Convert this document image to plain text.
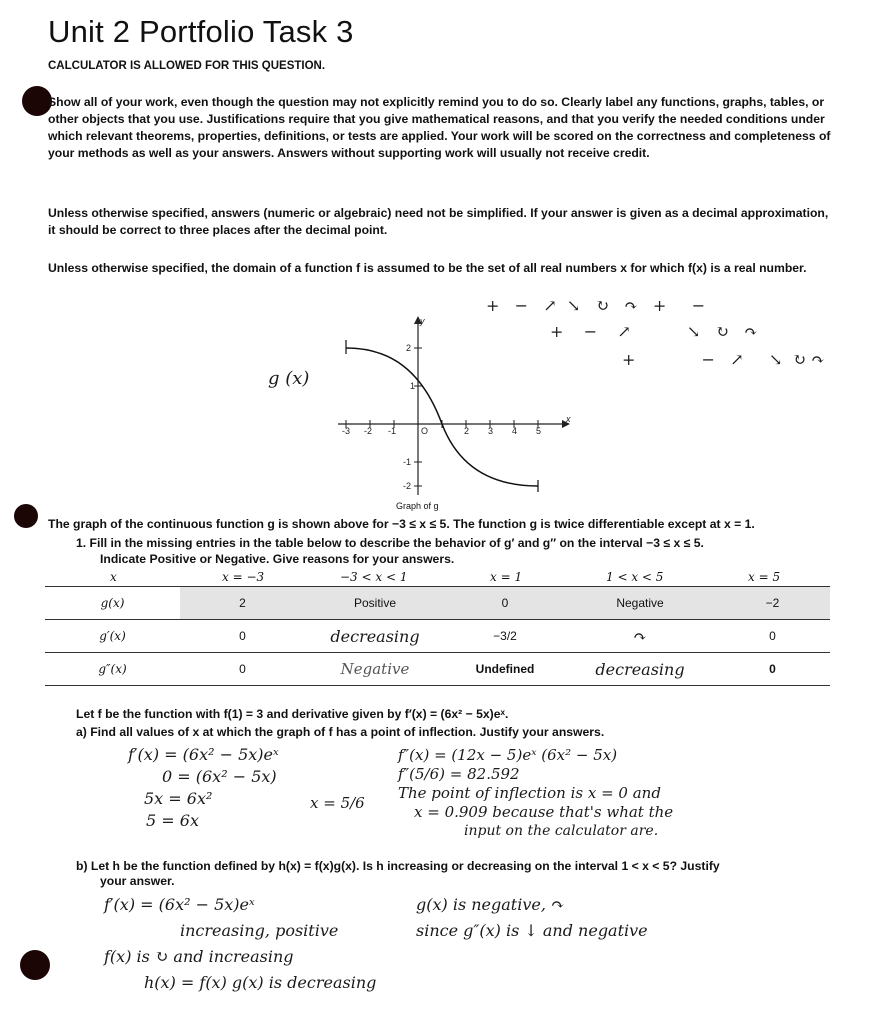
Unit 2 Portfolio Task 3
CALCULATOR IS ALLOWED FOR THIS QUESTION.
Show all of your work, even though the question may not explicitly remind you to do so. Clearly label any functions, graphs, tables, or other objects that you use. Justifications require that you give mathematical reasons, and that you verify the needed conditions under which relevant theorems, properties, definitions, or tests are applied. Your work will be scored on the correctness and completeness of your methods as well as your answers. Answers without supporting work will usually not receive credit.
Unless otherwise specified, answers (numeric or algebraic) need not be simplified. If your answer is given as a decimal approximation, it should be correct to three places after the decimal point.
Unless otherwise specified, the domain of a function f is assumed to be the set of all real numbers x for which f(x) is a real number.
g (x)
-3 -2 -1	O	2 3 4 5
2
1
-1
-2
x
y
+   −   ↗  ↘   ↻   ↷   +     −
+    −    ↗           ↘   ↻   ↷
+             −   ↗     ↘  ↻ ↷
Graph of g
The graph of the continuous function g is shown above for −3 ≤ x ≤ 5. The function g is twice differentiable except at x = 1.
1. Fill in the missing entries in the table below to describe the behavior of g′ and g″ on the interval −3 ≤ x ≤ 5.
Indicate Positive or Negative. Give reasons for your answers.
x	x = −3	−3 < x < 1	x = 1	1 < x < 5	x = 5
g(x)	2	Positive	0	Negative	−2
g′(x)	0	decreasing	−3/2	↷	0
g″(x)	0	Negative	Undefined	decreasing	0
Let f be the function with f(1) = 3 and derivative given by f′(x) = (6x² − 5x)eˣ.
a) Find all values of x at which the graph of f has a point of inflection. Justify your answers.
f′(x) = (6x² − 5x)eˣ
0 = (6x² − 5x)
5x = 6x²
5 = 6x
x = 5/6
f″(x) = (12x − 5)eˣ (6x² − 5x)
f″(5/6) = 82.592
The point of inflection is x = 0 and
x = 0.909 because that's what the
input on the calculator are.
b) Let h be the function defined by h(x) = f(x)g(x). Is h increasing or decreasing on the interval 1 < x < 5? Justify
your answer.
f′(x) = (6x² − 5x)eˣ
increasing, positive
f(x) is ↻ and increasing
h(x) = f(x) g(x) is decreasing
g(x) is negative, ↷
since g″(x) is ↓ and negative
